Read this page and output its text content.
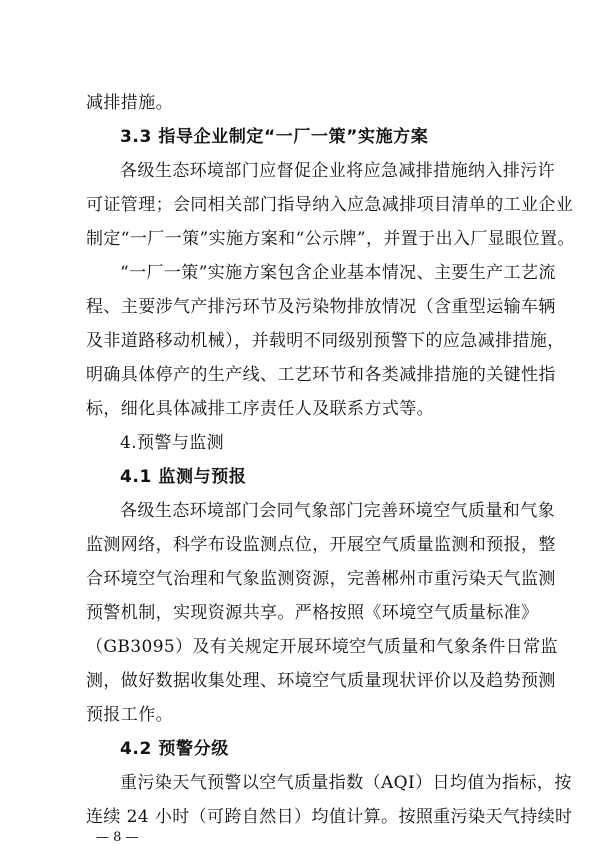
减排措施。
3.3 指导企业制定“一厂一策”实施方案
各级生态环境部门应督促企业将应急减排措施纳入排污许
可证管理；会同相关部门指导纳入应急减排项目清单的工业企业
制定“一厂一策”实施方案和“公示牌”，并置于出入厂显眼位置。
“一厂一策”实施方案包含企业基本情况、主要生产工艺流
程、主要涉气产排污环节及污染物排放情况（含重型运输车辆
及非道路移动机械），并载明不同级别预警下的应急减排措施，
明确具体停产的生产线、工艺环节和各类减排措施的关键性指
标，细化具体减排工序责任人及联系方式等。
4.预警与监测
4.1 监测与预报
各级生态环境部门会同气象部门完善环境空气质量和气象
监测网络，科学布设监测点位，开展空气质量监测和预报，整
合环境空气治理和气象监测资源，完善郴州市重污染天气监测
预警机制，实现资源共享。严格按照《环境空气质量标准》
（GB3095）及有关规定开展环境空气质量和气象条件日常监
测，做好数据收集处理、环境空气质量现状评价以及趋势预测
预报工作。
4.2 预警分级
重污染天气预警以空气质量指数（AQI）日均值为指标，按
连续 24 小时（可跨自然日）均值计算。按照重污染天气持续时
— 8 —
